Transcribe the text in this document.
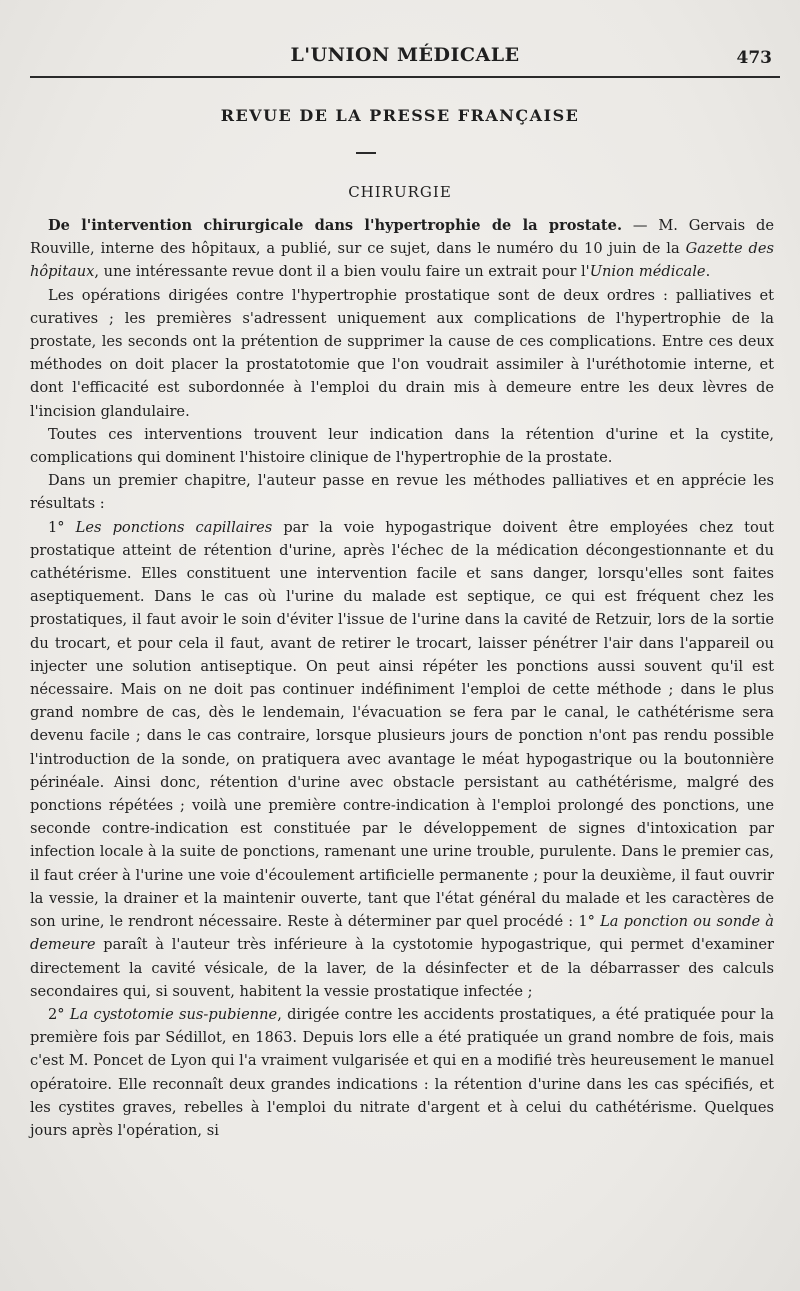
L'UNION MÉDICALE	473
REVUE DE LA PRESSE FRANÇAISE
CHIRURGIE

De l'intervention chirurgicale dans l'hypertrophie de la prostate. — M. Gervais de Rouville, interne des hôpitaux, a publié, sur ce sujet, dans le numéro du 10 juin de la Gazette des hôpitaux, une intéressante revue dont il a bien voulu faire un extrait pour l'Union médicale.

Les opérations dirigées contre l'hypertrophie prostatique sont de deux ordres : palliatives et curatives ; les premières s'adressent uniquement aux complications de l'hypertrophie de la prostate, les seconds ont la prétention de supprimer la cause de ces complications. Entre ces deux méthodes on doit placer la prostatotomie que l'on voudrait assimiler à l'uréthotomie interne, et dont l'efficacité est subordonnée à l'emploi du drain mis à demeure entre les deux lèvres de l'incision glandulaire.

Toutes ces interventions trouvent leur indication dans la rétention d'urine et la cystite, complications qui dominent l'histoire clinique de l'hypertrophie de la prostate.

Dans un premier chapitre, l'auteur passe en revue les méthodes palliatives et en apprécie les résultats :

1° Les ponctions capillaires par la voie hypogastrique doivent être employées chez tout prostatique atteint de rétention d'urine, après l'échec de la médication décongestionnante et du cathétérisme. Elles constituent une intervention facile et sans danger, lorsqu'elles sont faites aseptiquement. Dans le cas où l'urine du malade est septique, ce qui est fréquent chez les prostatiques, il faut avoir le soin d'éviter l'issue de l'urine dans la cavité de Retzuir, lors de la sortie du trocart, et pour cela il faut, avant de retirer le trocart, laisser pénétrer l'air dans l'appareil ou injecter une solution antiseptique. On peut ainsi répéter les ponctions aussi souvent qu'il est nécessaire. Mais on ne doit pas continuer indéfiniment l'emploi de cette méthode ; dans le plus grand nombre de cas, dès le lendemain, l'évacuation se fera par le canal, le cathétérisme sera devenu facile ; dans le cas contraire, lorsque plusieurs jours de ponction n'ont pas rendu possible l'introduction de la sonde, on pratiquera avec avantage le méat hypogastrique ou la boutonnière périnéale. Ainsi donc, rétention d'urine avec obstacle persistant au cathétérisme, malgré des ponctions répétées ; voilà une première contre-indication à l'emploi prolongé des ponctions, une seconde contre-indication est constituée par le développement de signes d'intoxication par infection locale à la suite de ponctions, ramenant une urine trouble, purulente. Dans le premier cas, il faut créer à l'urine une voie d'écoulement artificielle permanente ; pour la deuxième, il faut ouvrir la vessie, la drainer et la maintenir ouverte, tant que l'état général du malade et les caractères de son urine, le rendront nécessaire. Reste à déterminer par quel procédé : 1° La ponction ou sonde à demeure paraît à l'auteur très inférieure à la cystotomie hypogastrique, qui permet d'examiner directement la cavité vésicale, de la laver, de la désinfecter et de la débarrasser des calculs secondaires qui, si souvent, habitent la vessie prostatique infectée ;

2° La cystotomie sus-pubienne, dirigée contre les accidents prostatiques, a été pratiquée pour la première fois par Sédillot, en 1863. Depuis lors elle a été pratiquée un grand nombre de fois, mais c'est M. Poncet de Lyon qui l'a vraiment vulgarisée et qui en a modifié très heureusement le manuel opératoire. Elle reconnaît deux grandes indications : la rétention d'urine dans les cas spécifiés, et les cystites graves, rebelles à l'emploi du nitrate d'argent et à celui du cathétérisme. Quelques jours après l'opération, si
